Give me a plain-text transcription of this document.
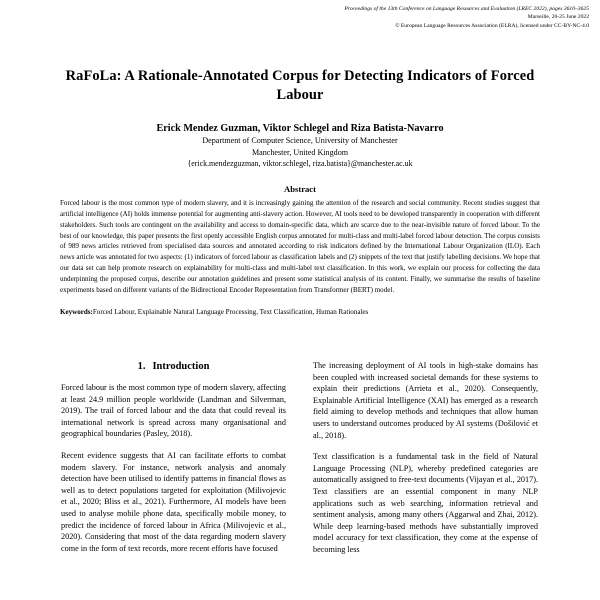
Proceedings of the 13th Conference on Language Resources and Evaluation (LREC 2022), pages 3610–3625
Marseille, 20-25 June 2022
© European Language Resources Association (ELRA), licensed under CC-BY-NC-4.0
RaFoLa: A Rationale-Annotated Corpus for Detecting Indicators of Forced Labour
Erick Mendez Guzman, Viktor Schlegel and Riza Batista-Navarro
Department of Computer Science, University of Manchester
Manchester, United Kingdom
{erick.mendezguzman, viktor.schlegel, riza.batista}@manchester.ac.uk
Abstract
Forced labour is the most common type of modern slavery, and it is increasingly gaining the attention of the research and social community. Recent studies suggest that artificial intelligence (AI) holds immense potential for augmenting anti-slavery action. However, AI tools need to be developed transparently in cooperation with different stakeholders. Such tools are contingent on the availability and access to domain-specific data, which are scarce due to the near-invisible nature of forced labour. To the best of our knowledge, this paper presents the first openly accessible English corpus annotated for multi-class and multi-label forced labour detection. The corpus consists of 989 news articles retrieved from specialised data sources and annotated according to risk indicators defined by the International Labour Organization (ILO). Each news article was annotated for two aspects: (1) indicators of forced labour as classification labels and (2) snippets of the text that justify labelling decisions. We hope that our data set can help promote research on explainability for multi-class and multi-label text classification. In this work, we explain our process for collecting the data underpinning the proposed corpus, describe our annotation guidelines and present some statistical analysis of its content. Finally, we summarise the results of baseline experiments based on different variants of the Bidirectional Encoder Representation from Transformer (BERT) model.
Keywords:Forced Labour, Explainable Natural Language Processing, Text Classification, Human Rationales
1. Introduction

Forced labour is the most common type of modern slavery, affecting at least 24.9 million people worldwide (Landman and Silverman, 2019). The trail of forced labour and the data that could reveal its international network is spread across many organisational and geographical boundaries (Pasley, 2018).

Recent evidence suggests that AI can facilitate efforts to combat modern slavery. For instance, network analysis and anomaly detection have been utilised to identify patterns in financial flows as well as to detect populations targeted for exploitation (Milivojevic et al., 2020; Bliss et al., 2021). Furthermore, AI models have been used to analyse mobile phone data, specifically mobile money, to predict the incidence of forced labour in Africa (Milivojevic et al., 2020). Considering that most of the data regarding modern slavery come in the form of text records, more recent efforts have focused

The increasing deployment of AI tools in high-stake domains has been coupled with increased societal demands for these systems to explain their predictions (Arrieta et al., 2020). Consequently, Explainable Artificial Intelligence (XAI) has emerged as a research field aiming to develop methods and techniques that allow human users to understand outcomes produced by AI systems (Došilović et al., 2018).

Text classification is a fundamental task in the field of Natural Language Processing (NLP), whereby predefined categories are automatically assigned to free-text documents (Vijayan et al., 2017). Text classifiers are an essential component in many NLP applications such as web searching, information retrieval and sentiment analysis, among many others (Aggarwal and Zhai, 2012). While deep learning-based methods have substantially improved model accuracy for text classification, they come at the expense of becoming less
